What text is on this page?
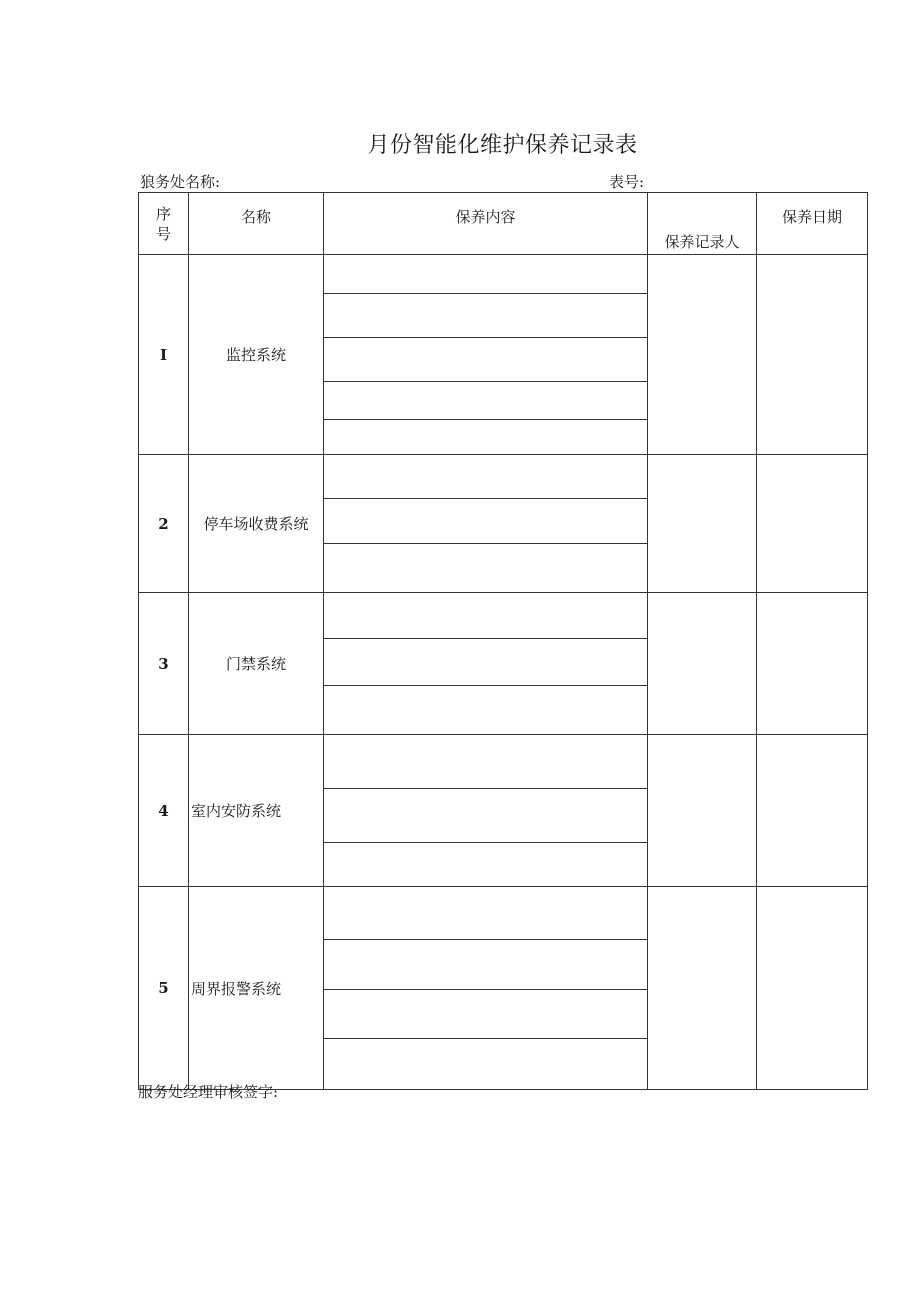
月份智能化维护保养记录表
狼务处名称:	表号:
序
号	名称	保养内容	保养记录人	保养日期
I	监控系统			

2	停车场收费系统			

3	门禁系统			

4	室内安防系统			

5	周界报警系统			

服务处经理审核签字:
